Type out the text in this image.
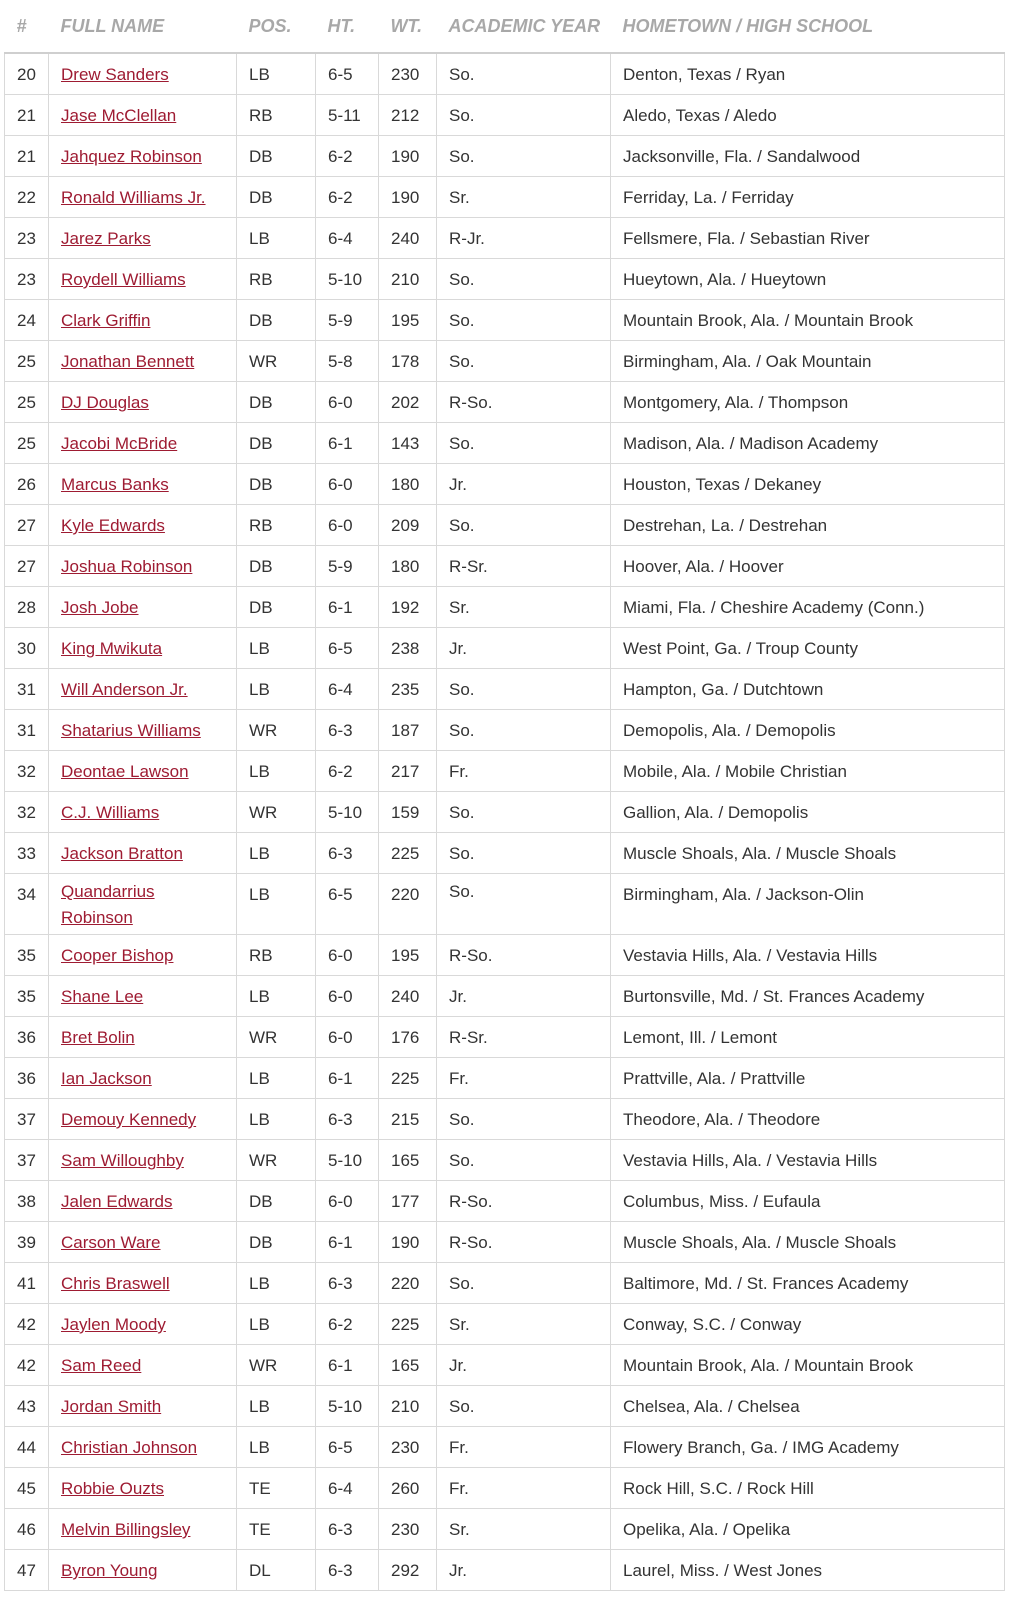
#	FULL NAME	POS.	HT.	WT.	ACADEMIC YEAR	HOMETOWN / HIGH SCHOOL
20	Drew Sanders	LB	6-5	230	So.	Denton, Texas / Ryan
21	Jase McClellan	RB	5-11	212	So.	Aledo, Texas / Aledo
21	Jahquez Robinson	DB	6-2	190	So.	Jacksonville, Fla. / Sandalwood
22	Ronald Williams Jr.	DB	6-2	190	Sr.	Ferriday, La. / Ferriday
23	Jarez Parks	LB	6-4	240	R-Jr.	Fellsmere, Fla. / Sebastian River
23	Roydell Williams	RB	5-10	210	So.	Hueytown, Ala. / Hueytown
24	Clark Griffin	DB	5-9	195	So.	Mountain Brook, Ala. / Mountain Brook
25	Jonathan Bennett	WR	5-8	178	So.	Birmingham, Ala. / Oak Mountain
25	DJ Douglas	DB	6-0	202	R-So.	Montgomery, Ala. / Thompson
25	Jacobi McBride	DB	6-1	143	So.	Madison, Ala. / Madison Academy
26	Marcus Banks	DB	6-0	180	Jr.	Houston, Texas / Dekaney
27	Kyle Edwards	RB	6-0	209	So.	Destrehan, La. / Destrehan
27	Joshua Robinson	DB	5-9	180	R-Sr.	Hoover, Ala. / Hoover
28	Josh Jobe	DB	6-1	192	Sr.	Miami, Fla. / Cheshire Academy (Conn.)
30	King Mwikuta	LB	6-5	238	Jr.	West Point, Ga. / Troup County
31	Will Anderson Jr.	LB	6-4	235	So.	Hampton, Ga. / Dutchtown
31	Shatarius Williams	WR	6-3	187	So.	Demopolis, Ala. / Demopolis
32	Deontae Lawson	LB	6-2	217	Fr.	Mobile, Ala. / Mobile Christian
32	C.J. Williams	WR	5-10	159	So.	Gallion, Ala. / Demopolis
33	Jackson Bratton	LB	6-3	225	So.	Muscle Shoals, Ala. / Muscle Shoals
34	Quandarrius Robinson	LB	6-5	220	So.	Birmingham, Ala. / Jackson-Olin
35	Cooper Bishop	RB	6-0	195	R-So.	Vestavia Hills, Ala. / Vestavia Hills
35	Shane Lee	LB	6-0	240	Jr.	Burtonsville, Md. / St. Frances Academy
36	Bret Bolin	WR	6-0	176	R-Sr.	Lemont, Ill. / Lemont
36	Ian Jackson	LB	6-1	225	Fr.	Prattville, Ala. / Prattville
37	Demouy Kennedy	LB	6-3	215	So.	Theodore, Ala. / Theodore
37	Sam Willoughby	WR	5-10	165	So.	Vestavia Hills, Ala. / Vestavia Hills
38	Jalen Edwards	DB	6-0	177	R-So.	Columbus, Miss. / Eufaula
39	Carson Ware	DB	6-1	190	R-So.	Muscle Shoals, Ala. / Muscle Shoals
41	Chris Braswell	LB	6-3	220	So.	Baltimore, Md. / St. Frances Academy
42	Jaylen Moody	LB	6-2	225	Sr.	Conway, S.C. / Conway
42	Sam Reed	WR	6-1	165	Jr.	Mountain Brook, Ala. / Mountain Brook
43	Jordan Smith	LB	5-10	210	So.	Chelsea, Ala. / Chelsea
44	Christian Johnson	LB	6-5	230	Fr.	Flowery Branch, Ga. / IMG Academy
45	Robbie Ouzts	TE	6-4	260	Fr.	Rock Hill, S.C. / Rock Hill
46	Melvin Billingsley	TE	6-3	230	Sr.	Opelika, Ala. / Opelika
47	Byron Young	DL	6-3	292	Jr.	Laurel, Miss. / West Jones
